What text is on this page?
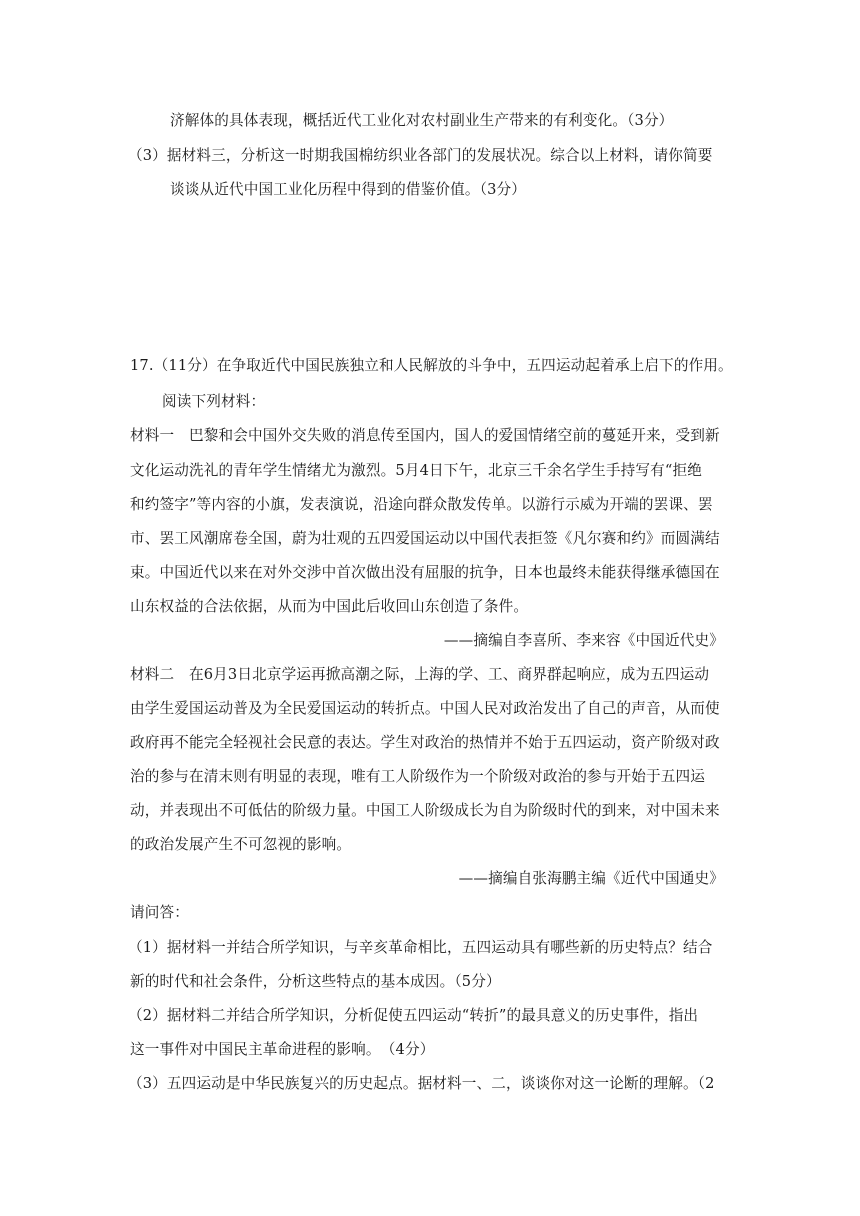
济解体的具体表现，概括近代工业化对农村副业生产带来的有利变化。（3分）
（3）据材料三，分析这一时期我国棉纺织业各部门的发展状况。综合以上材料，请你简要
谈谈从近代中国工业化历程中得到的借鉴价值。（3分）
17.（11分）在争取近代中国民族独立和人民解放的斗争中，五四运动起着承上启下的作用。
阅读下列材料：
材料一　巴黎和会中国外交失败的消息传至国内，国人的爱国情绪空前的蔓延开来，受到新
文化运动洗礼的青年学生情绪尤为激烈。5月4日下午，北京三千余名学生手持写有“拒绝
和约签字”等内容的小旗，发表演说，沿途向群众散发传单。以游行示威为开端的罢课、罢
市、罢工风潮席卷全国，蔚为壮观的五四爱国运动以中国代表拒签《凡尔赛和约》而圆满结
束。中国近代以来在对外交涉中首次做出没有屈服的抗争，日本也最终未能获得继承德国在
山东权益的合法依据，从而为中国此后收回山东创造了条件。
——摘编自李喜所、李来容《中国近代史》
材料二　在6月3日北京学运再掀高潮之际，上海的学、工、商界群起响应，成为五四运动
由学生爱国运动普及为全民爱国运动的转折点。中国人民对政治发出了自己的声音，从而使
政府再不能完全轻视社会民意的表达。学生对政治的热情并不始于五四运动，资产阶级对政
治的参与在清末则有明显的表现，唯有工人阶级作为一个阶级对政治的参与开始于五四运
动，并表现出不可低估的阶级力量。中国工人阶级成长为自为阶级时代的到来，对中国未来
的政治发展产生不可忽视的影响。
——摘编自张海鹏主编《近代中国通史》
请问答：
（1）据材料一并结合所学知识，与辛亥革命相比，五四运动具有哪些新的历史特点？结合
新的时代和社会条件，分析这些特点的基本成因。（5分）
（2）据材料二并结合所学知识，分析促使五四运动“转折”的最具意义的历史事件，指出
这一事件对中国民主革命进程的影响。　（4分）
（3）五四运动是中华民族复兴的历史起点。据材料一、二，谈谈你对这一论断的理解。（2
